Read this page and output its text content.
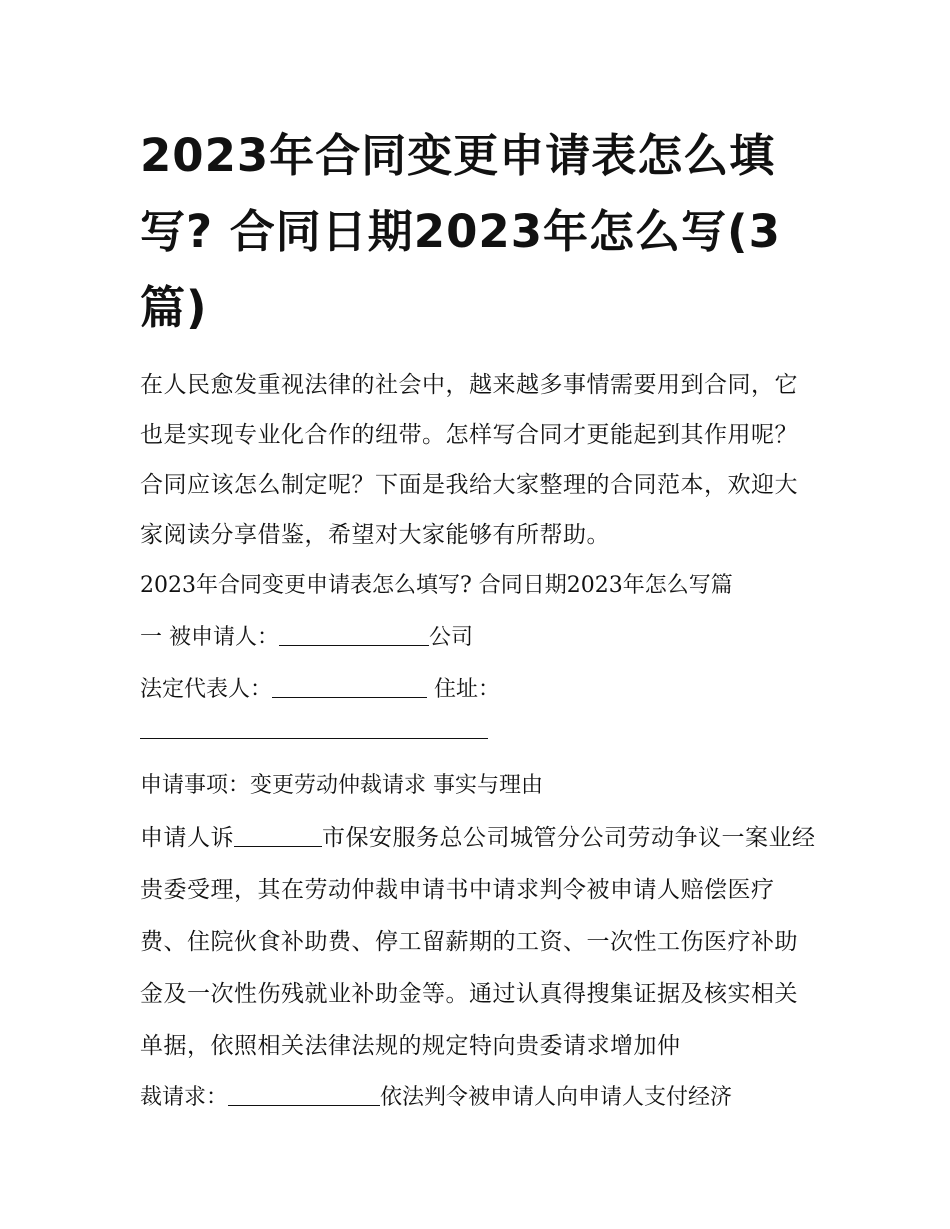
2023年合同变更申请表怎么填写? 合同日期2023年怎么写(3篇)

在人民愈发重视法律的社会中，越来越多事情需要用到合同，它也是实现专业化合作的纽带。怎样写合同才更能起到其作用呢？合同应该怎么制定呢？下面是我给大家整理的合同范本，欢迎大家阅读分享借鉴，希望对大家能够有所帮助。

2023年合同变更申请表怎么填写? 合同日期2023年怎么写篇

一 被申请人：	公司

法定代表人：	住址：

申请事项：变更劳动仲裁请求 事实与理由

申请人诉	市保安服务总公司城管分公司劳动争议一案业经贵委受理，其在劳动仲裁申请书中请求判令被申请人赔偿医疗费、住院伙食补助费、停工留薪期的工资、一次性工伤医疗补助金及一次性伤残就业补助金等。通过认真得搜集证据及核实相关单据，依照相关法律法规的规定特向贵委请求增加仲

裁请求：	依法判令被申请人向申请人支付经济
